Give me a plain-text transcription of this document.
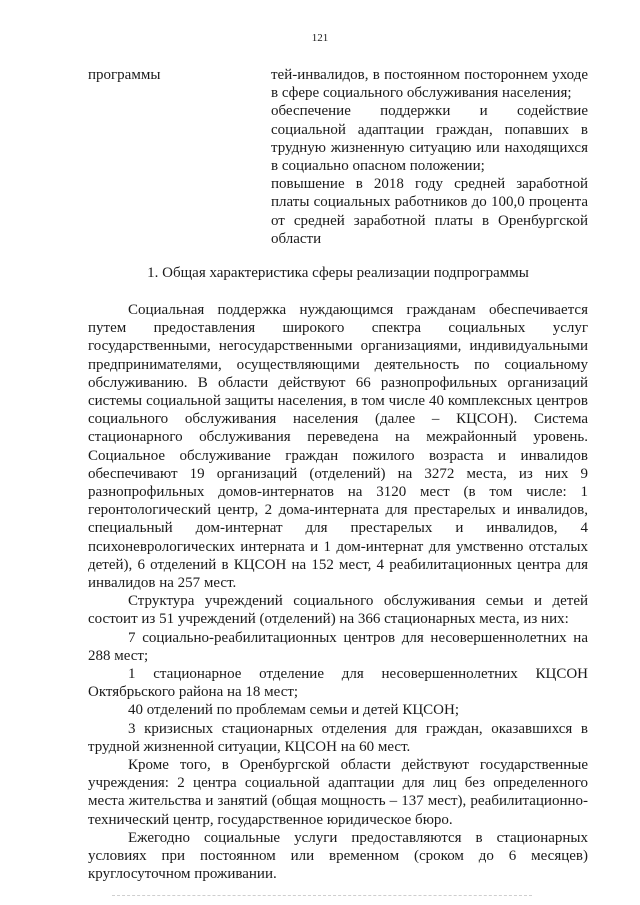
121
программы	тей-инвалидов, в постоянном постороннем уходе в сфере социального обслуживания населения;

обеспечение поддержки и содействие социальной адаптации граждан, попавших в трудную жизненную ситуацию или находящихся в социально опасном положении;

повышение в 2018 году средней заработной платы социальных работников до 100,0 процента от средней заработной платы в Оренбургской области

1. Общая характеристика сферы реализации подпрограммы

Социальная поддержка нуждающимся гражданам обеспечивается путем предоставления широкого спектра социальных услуг государственными, негосударственными организациями, индивидуальными предпринимателями, осуществляющими деятельность по социальному обслуживанию. В области действуют 66 разнопрофильных организаций системы социальной защиты населения, в том числе 40 комплексных центров социального обслуживания населения (далее – КЦСОН). Система стационарного обслуживания переведена на межрайонный уровень. Социальное обслуживание граждан пожилого возраста и инвалидов обеспечивают 19 организаций (отделений) на 3272 места, из них 9 разнопрофильных домов-интернатов на 3120 мест (в том числе: 1 геронтологический центр, 2 дома-интерната для престарелых и инвалидов, специальный дом-интернат для престарелых и инвалидов, 4 психоневрологических интерната и 1 дом-интернат для умственно отсталых детей), 6 отделений в КЦСОН на 152 мест, 4 реабилитационных центра для инвалидов на 257 мест.

Структура учреждений социального обслуживания семьи и детей состоит из 51 учреждений (отделений) на 366 стационарных места, из них:

7 социально-реабилитационных центров для несовершеннолетних на 288 мест;

1 стационарное отделение для несовершеннолетних КЦСОН Октябрьского района на 18 мест;

40 отделений по проблемам семьи и детей КЦСОН;

3 кризисных стационарных отделения для граждан, оказавшихся в трудной жизненной ситуации, КЦСОН на 60 мест.

Кроме того, в Оренбургской области действуют государственные учреждения: 2 центра социальной адаптации для лиц без определенного места жительства и занятий (общая мощность – 137 мест), реабилитационно-технический центр, государственное юридическое бюро.

Ежегодно социальные услуги предоставляются в стационарных условиях при постоянном или временном (сроком до 6 месяцев) круглосуточном проживании.
